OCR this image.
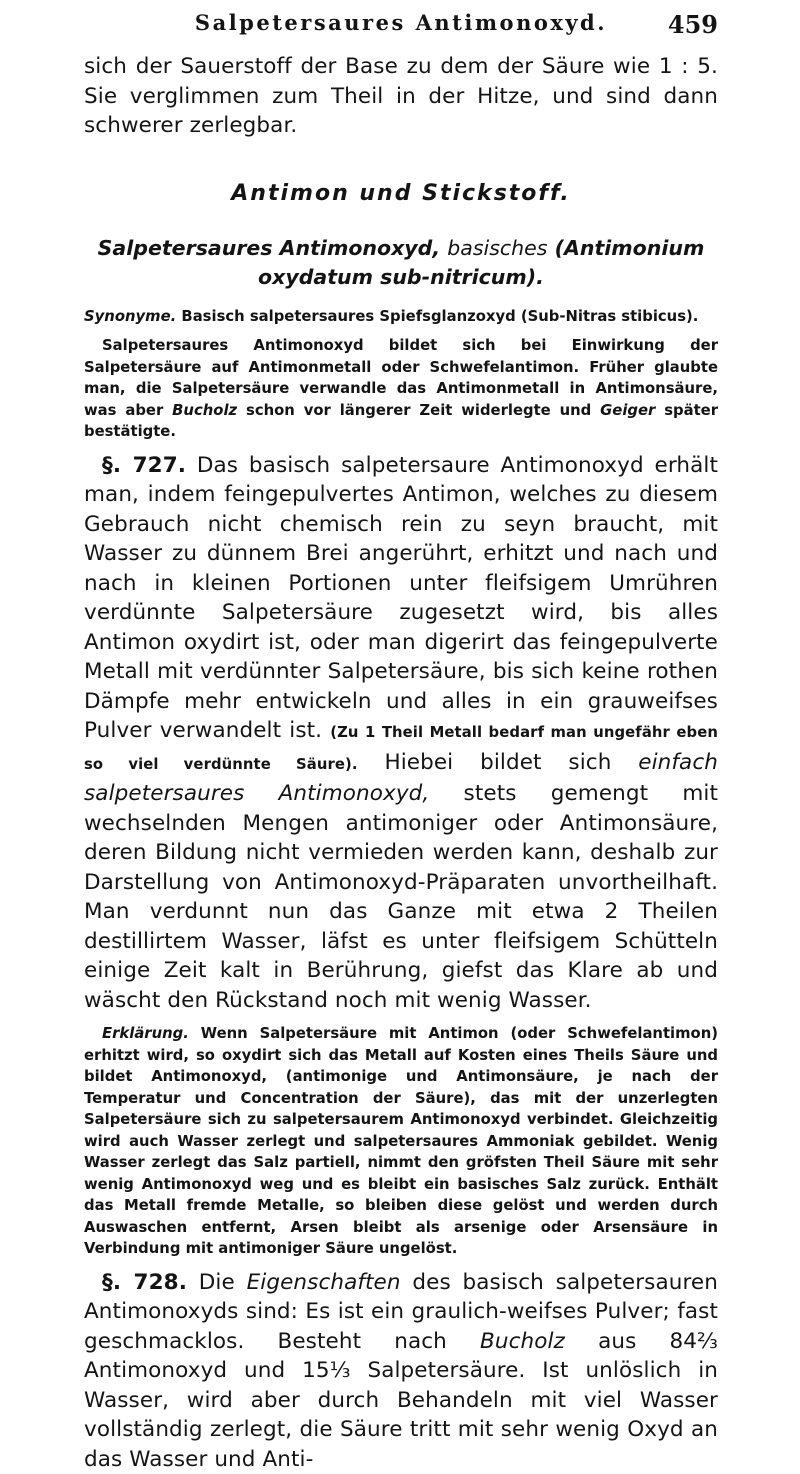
Salpetersaures Antimonoxyd.	459

sich der Sauerstoff der Base zu dem der Säure wie 1 : 5. Sie verglimmen zum Theil in der Hitze, und sind dann schwerer zerlegbar.

Antimon und Stickstoff.
Salpetersaures Antimonoxyd, basisches (Antimonium oxydatum sub-nitricum).

Synonyme. Basisch salpetersaures Spiefsglanzoxyd (Sub-Nitras stibicus).

Salpetersaures Antimonoxyd bildet sich bei Einwirkung der Salpetersäure auf Antimonmetall oder Schwefelantimon. Früher glaubte man, die Salpetersäure verwandle das Antimonmetall in Antimonsäure, was aber Bucholz schon vor längerer Zeit widerlegte und Geiger später bestätigte.

§. 727. Das basisch salpetersaure Antimonoxyd erhält man, indem feingepulvertes Antimon, welches zu diesem Gebrauch nicht chemisch rein zu seyn braucht, mit Wasser zu dünnem Brei angerührt, erhitzt und nach und nach in kleinen Portionen unter fleifsigem Umrühren verdünnte Salpetersäure zugesetzt wird, bis alles Antimon oxydirt ist, oder man digerirt das feingepulverte Metall mit verdünnter Salpetersäure, bis sich keine rothen Dämpfe mehr entwickeln und alles in ein grauweifses Pulver verwandelt ist. (Zu 1 Theil Metall bedarf man ungefähr eben so viel verdünnte Säure). Hiebei bildet sich einfach salpetersaures Antimonoxyd, stets gemengt mit wechselnden Mengen antimoniger oder Antimonsäure, deren Bildung nicht vermieden werden kann, deshalb zur Darstellung von Antimonoxyd-Präparaten unvortheilhaft. Man verdunnt nun das Ganze mit etwa 2 Theilen destillirtem Wasser, läfst es unter fleifsigem Schütteln einige Zeit kalt in Berührung, giefst das Klare ab und wäscht den Rückstand noch mit wenig Wasser.

Erklärung. Wenn Salpetersäure mit Antimon (oder Schwefelantimon) erhitzt wird, so oxydirt sich das Metall auf Kosten eines Theils Säure und bildet Antimonoxyd, (antimonige und Antimonsäure, je nach der Temperatur und Concentration der Säure), das mit der unzerlegten Salpetersäure sich zu salpetersaurem Antimonoxyd verbindet. Gleichzeitig wird auch Wasser zerlegt und salpetersaures Ammoniak gebildet. Wenig Wasser zerlegt das Salz partiell, nimmt den gröfsten Theil Säure mit sehr wenig Antimonoxyd weg und es bleibt ein basisches Salz zurück. Enthält das Metall fremde Metalle, so bleiben diese gelöst und werden durch Auswaschen entfernt, Arsen bleibt als arsenige oder Arsensäure in Verbindung mit antimoniger Säure ungelöst.

§. 728. Die Eigenschaften des basisch salpetersauren Antimonoxyds sind: Es ist ein graulich-weifses Pulver; fast geschmacklos. Besteht nach Bucholz aus 84⅔ Antimonoxyd und 15⅓ Salpetersäure. Ist unlöslich in Wasser, wird aber durch Behandeln mit viel Wasser vollständig zerlegt, die Säure tritt mit sehr wenig Oxyd an das Wasser und Anti-
